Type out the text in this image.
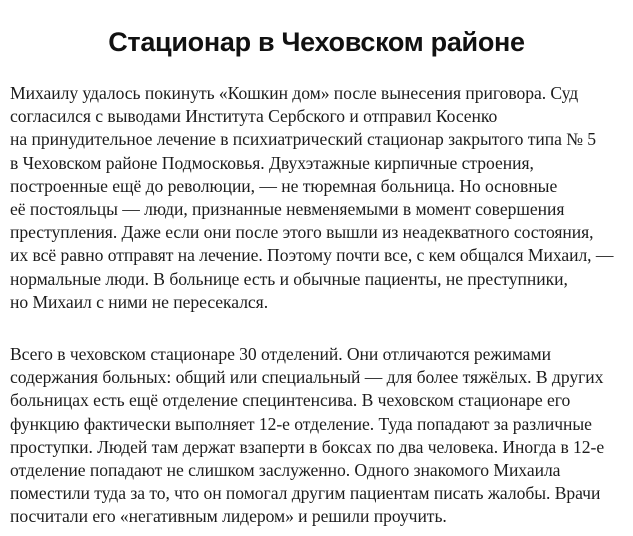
Стационар в Чеховском районе

Михаилу удалось покинуть «Кошкин дом» после вынесения приговора. Суд
согласился с выводами Института Сербского и отправил Косенко
на принудительное лечение в психиатрический стационар закрытого типа № 5
в Чеховском районе Подмосковья. Двухэтажные кирпичные строения,
построенные ещё до революции, — не тюремная больница. Но основные
её постояльцы — люди, признанные невменяемыми в момент совершения
преступления. Даже если они после этого вышли из неадекватного состояния,
их всё равно отправят на лечение. Поэтому почти все, с кем общался Михаил, —
нормальные люди. В больнице есть и обычные пациенты, не преступники,
но Михаил с ними не пересекался.

Всего в чеховском стационаре 30 отделений. Они отличаются режимами
содержания больных: общий или специальный — для более тяжёлых. В других
больницах есть ещё отделение специнтенсива. В чеховском стационаре его
функцию фактически выполняет 12-е отделение. Туда попадают за различные
проступки. Людей там держат взаперти в боксах по два человека. Иногда в 12-е
отделение попадают не слишком заслуженно. Одного знакомого Михаила
поместили туда за то, что он помогал другим пациентам писать жалобы. Врачи
посчитали его «негативным лидером» и решили проучить.
